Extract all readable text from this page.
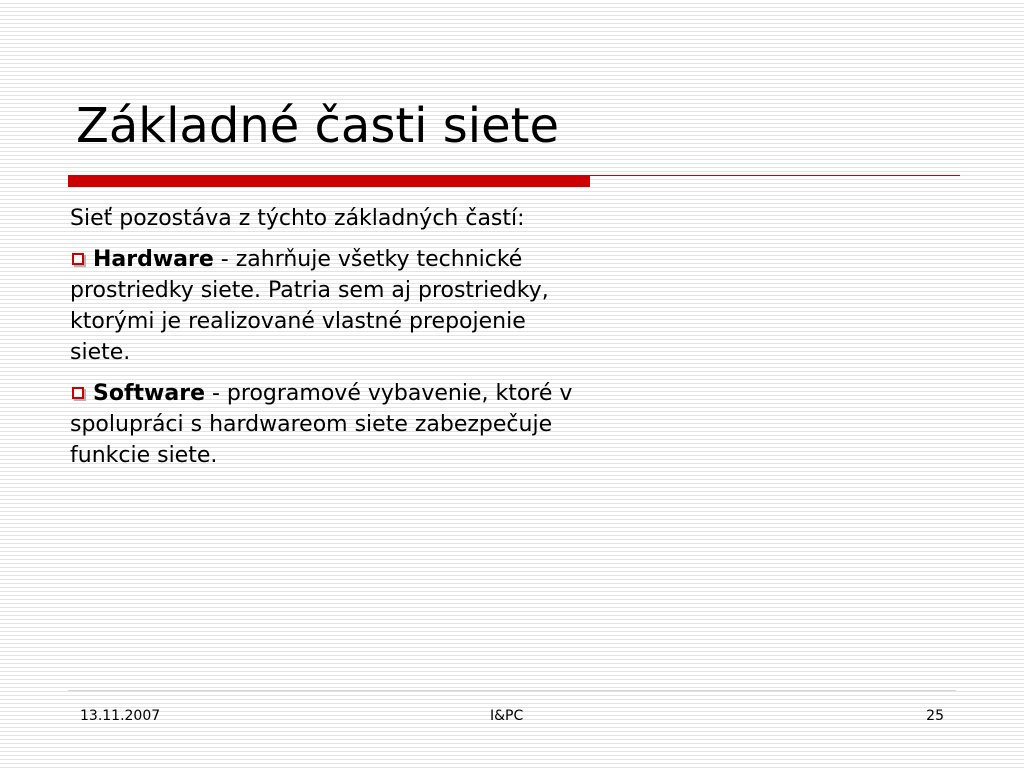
Základné časti siete

Sieť pozostáva z týchto základných častí:

Hardware - zahrňuje všetky technické prostriedky siete. Patria sem aj prostriedky, ktorými je realizované vlastné prepojenie siete.

Software - programové vybavenie, ktoré v spolupráci s hardwareom siete zabezpečuje funkcie siete.

13.11.2007	I&PC	25
